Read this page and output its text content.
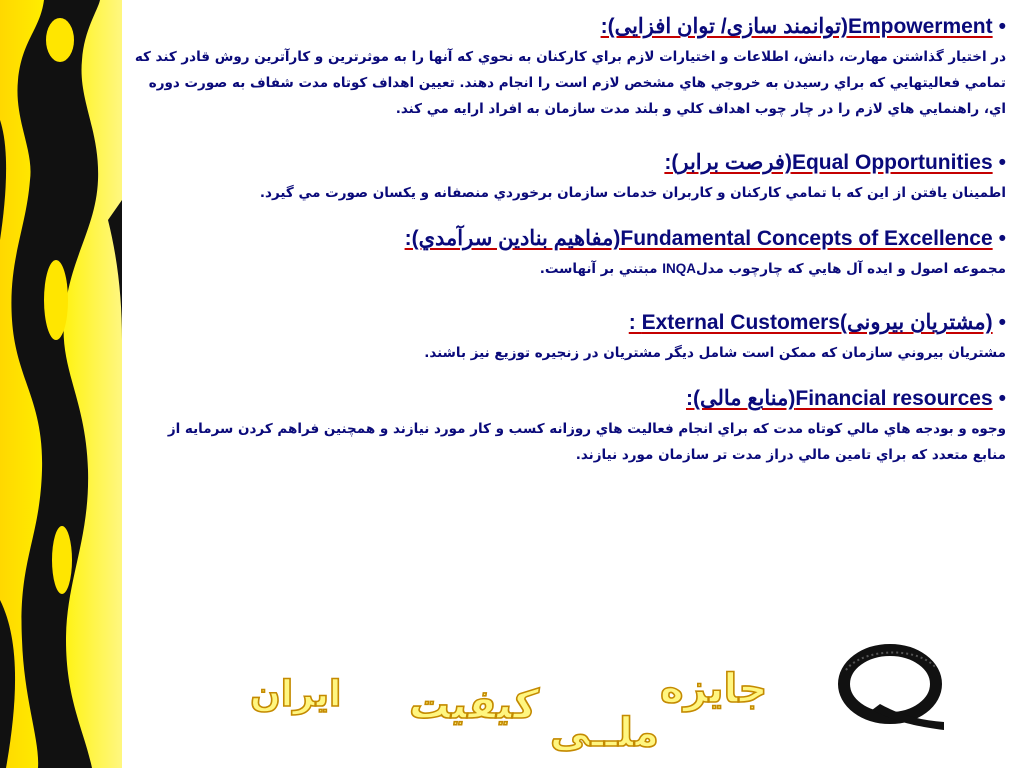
•Empowerment(توانمند سازی/ توان افزایی):

در اختيار گذاشتن مهارت، دانش، اطلاعات و اختيارات لازم براي كاركنان به نحوي كه آنها را به موثرترين و كارآترين روش قادر كند كه تمامي فعاليتهايي كه براي رسيدن به خروجي هاي مشخص لازم است را انجام دهند. تعيين اهداف كوتاه مدت شفاف به صورت دوره اي، راهنمايي هاي لازم را در چار چوب اهداف كلي و بلند مدت سازمان به افراد ارايه مي كند.

•Equal Opportunities(فرصت برابر):

اطمينان يافتن از اين كه با تمامي كاركنان و كاربران خدمات سازمان برخوردي منصفانه و يكسان صورت مي گيرد.

•Fundamental Concepts of Excellence(مفاهيم بنادين سرآمدي):

مجموعه اصول و ايده آل هايي كه چارچوب مدلINQA مبتني بر آنهاست.

•(مشتريان بيرونی)External Customers :

مشتريان بيروني سازمان كه ممكن است شامل ديگر مشتريان در زنجيره توزيع نيز باشند.

•Financial resources(منابع مالی):

وجوه و بودجه هاي مالي كوتاه مدت كه براي انجام فعاليت هاي روزانه كسب و كار مورد نيازند و همچنين فراهم كردن سرمايه از منابع متعدد كه براي تامين مالي دراز مدت تر سازمان مورد نيازند.

جايزه
كيفيت
ملــی
ايران
